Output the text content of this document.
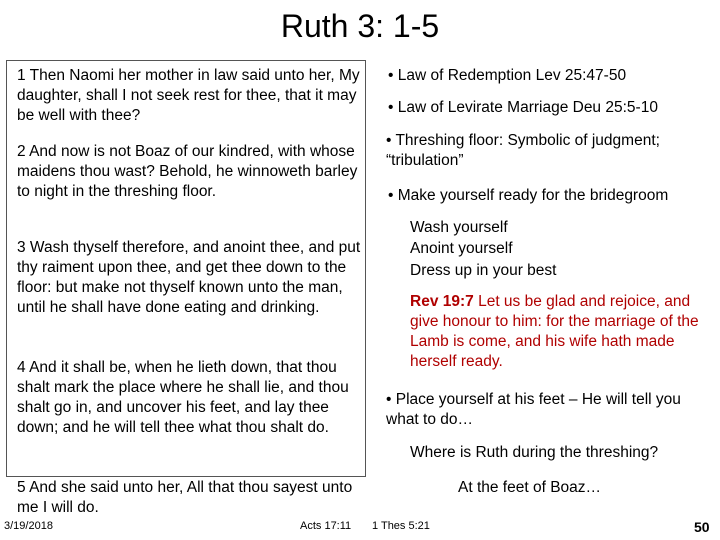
Ruth 3: 1-5

1 Then Naomi her mother in law said unto her, My daughter, shall I not seek rest for thee, that it may be well with thee?

2 And now is not Boaz of our kindred, with whose maidens thou wast? Behold, he winnoweth barley to night in the threshing floor.

3 Wash thyself therefore, and anoint thee, and put thy raiment upon thee, and get thee down to the floor: but make not thyself known unto the man, until he shall have done eating and drinking.

4 And it shall be, when he lieth down, that thou shalt mark the place where he shall lie, and thou shalt go in, and uncover his feet, and lay thee down; and he will tell thee what thou shalt do.

5 And she said unto her, All that thou sayest unto me I will do.

• Law of Redemption Lev 25:47-50

• Law of Levirate Marriage Deu 25:5-10

• Threshing floor: Symbolic of judgment; “tribulation”

• Make yourself ready for the bridegroom

Wash yourself

Anoint yourself

Dress up in your best

Rev 19:7 Let us be glad and rejoice, and give honour to him: for the marriage of the Lamb is come, and his wife hath made herself ready.

• Place yourself at his feet – He will tell you what to do…

Where is Ruth during the threshing?

At the feet of Boaz…

3/19/2018	Acts 17:11 1 Thes 5:21	50
